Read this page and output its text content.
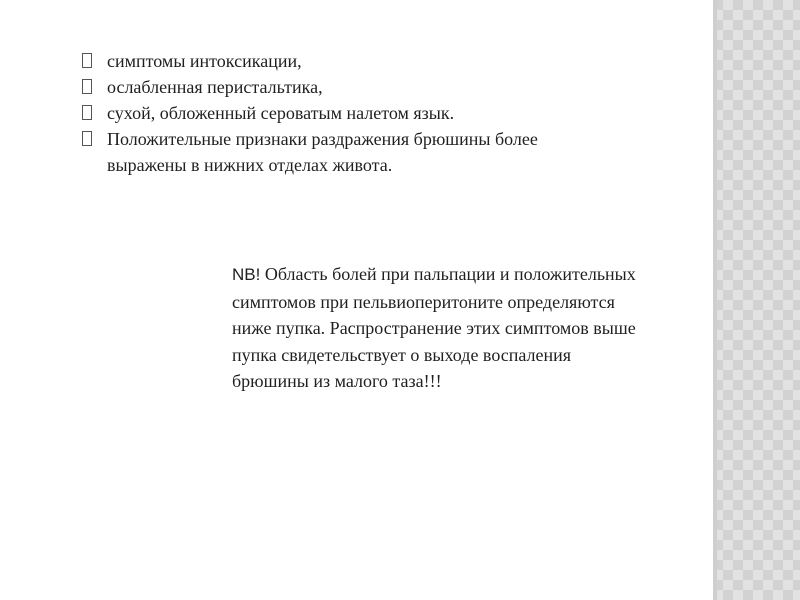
симптомы интоксикации,
ослабленная перистальтика,
сухой, обложенный сероватым налетом язык.
Положительные признаки раздражения брюшины более выражены в нижних отделах живота.

NB! Область болей при пальпации и положительных симптомов при пельвиоперитоните определяются ниже пупка. Распространение этих симптомов выше пупка свидетельствует о выходе воспаления брюшины из малого таза!!!
